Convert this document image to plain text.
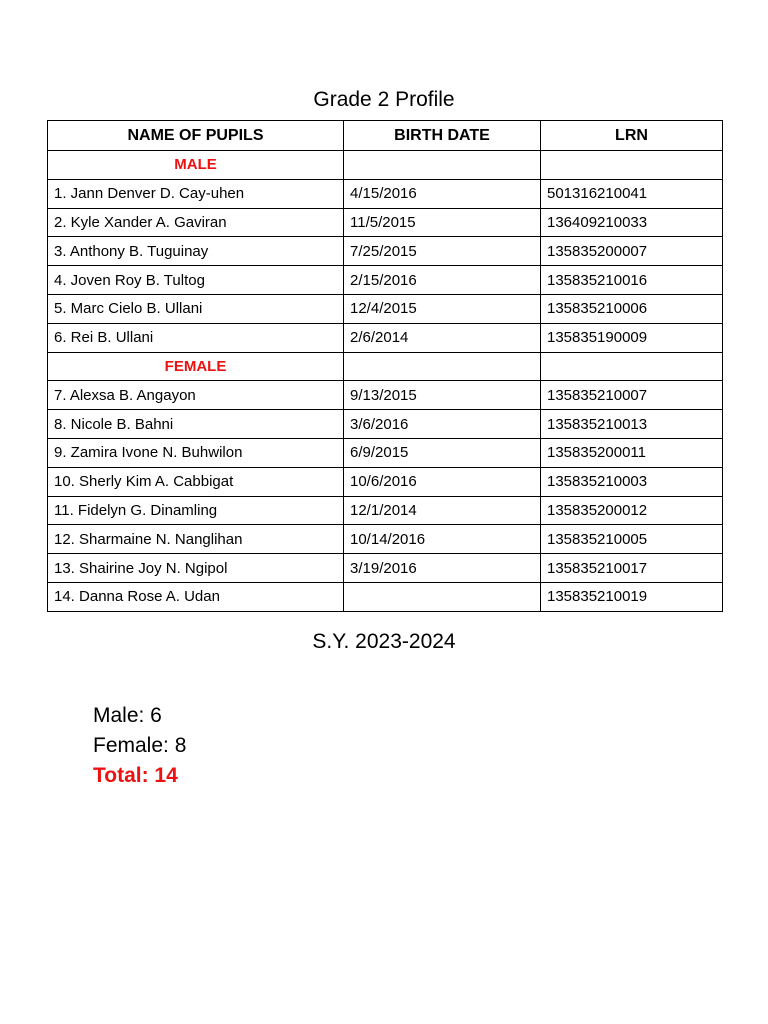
Grade 2 Profile
NAME OF PUPILS	BIRTH DATE	LRN
MALE		
1. Jann Denver D. Cay-uhen	4/15/2016	501316210041
2. Kyle Xander A. Gaviran	11/5/2015	136409210033
3. Anthony B. Tuguinay	7/25/2015	135835200007
4. Joven Roy B. Tultog	2/15/2016	135835210016
5. Marc Cielo B. Ullani	12/4/2015	135835210006
6. Rei B. Ullani	2/6/2014	135835190009
FEMALE		
7. Alexsa B. Angayon	9/13/2015	135835210007
8. Nicole B. Bahni	3/6/2016	135835210013
9. Zamira Ivone N. Buhwilon	6/9/2015	135835200011
10. Sherly Kim A. Cabbigat	10/6/2016	135835210003
11. Fidelyn G. Dinamling	12/1/2014	135835200012
12. Sharmaine N. Nanglihan	10/14/2016	135835210005
13. Shairine Joy N. Ngipol	3/19/2016	135835210017
14. Danna Rose A. Udan		135835210019
S.Y. 2023-2024
Male: 6
Female: 8
Total: 14
